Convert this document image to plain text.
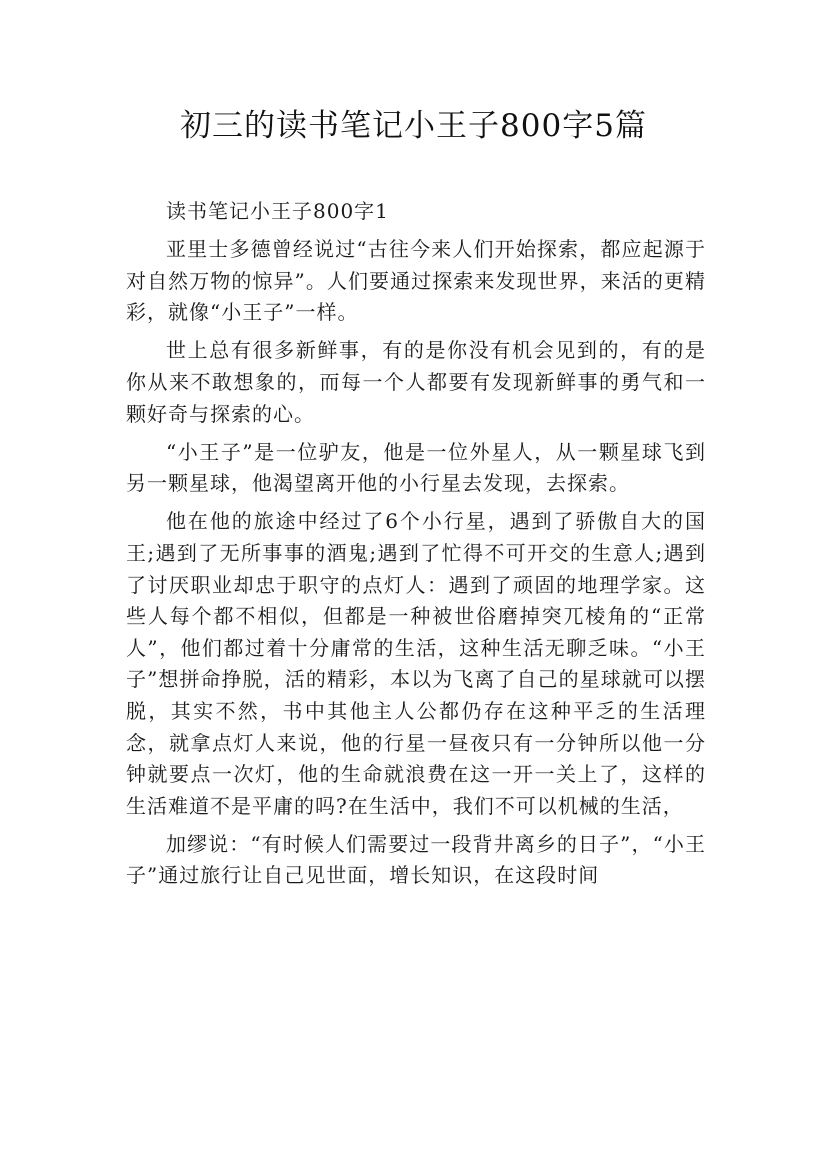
初三的读书笔记小王子800字5篇

读书笔记小王子800字1

亚里士多德曾经说过“古往今来人们开始探索，都应起源于对自然万物的惊异”。人们要通过探索来发现世界，来活的更精彩，就像“小王子”一样。

世上总有很多新鲜事，有的是你没有机会见到的，有的是你从来不敢想象的，而每一个人都要有发现新鲜事的勇气和一颗好奇与探索的心。

“小王子”是一位驴友，他是一位外星人，从一颗星球飞到另一颗星球，他渴望离开他的小行星去发现，去探索。

他在他的旅途中经过了6个小行星，遇到了骄傲自大的国王;遇到了无所事事的酒鬼;遇到了忙得不可开交的生意人;遇到了讨厌职业却忠于职守的点灯人：遇到了顽固的地理学家。这些人每个都不相似，但都是一种被世俗磨掉突兀棱角的“正常人”，他们都过着十分庸常的生活，这种生活无聊乏味。“小王子”想拼命挣脱，活的精彩，本以为飞离了自己的星球就可以摆脱，其实不然，书中其他主人公都仍存在这种平乏的生活理念，就拿点灯人来说，他的行星一昼夜只有一分钟所以他一分钟就要点一次灯，他的生命就浪费在这一开一关上了，这样的生活难道不是平庸的吗?在生活中，我们不可以机械的生活，

加缪说：“有时候人们需要过一段背井离乡的日子”，“小王子”通过旅行让自己见世面，增长知识，在这段时间
